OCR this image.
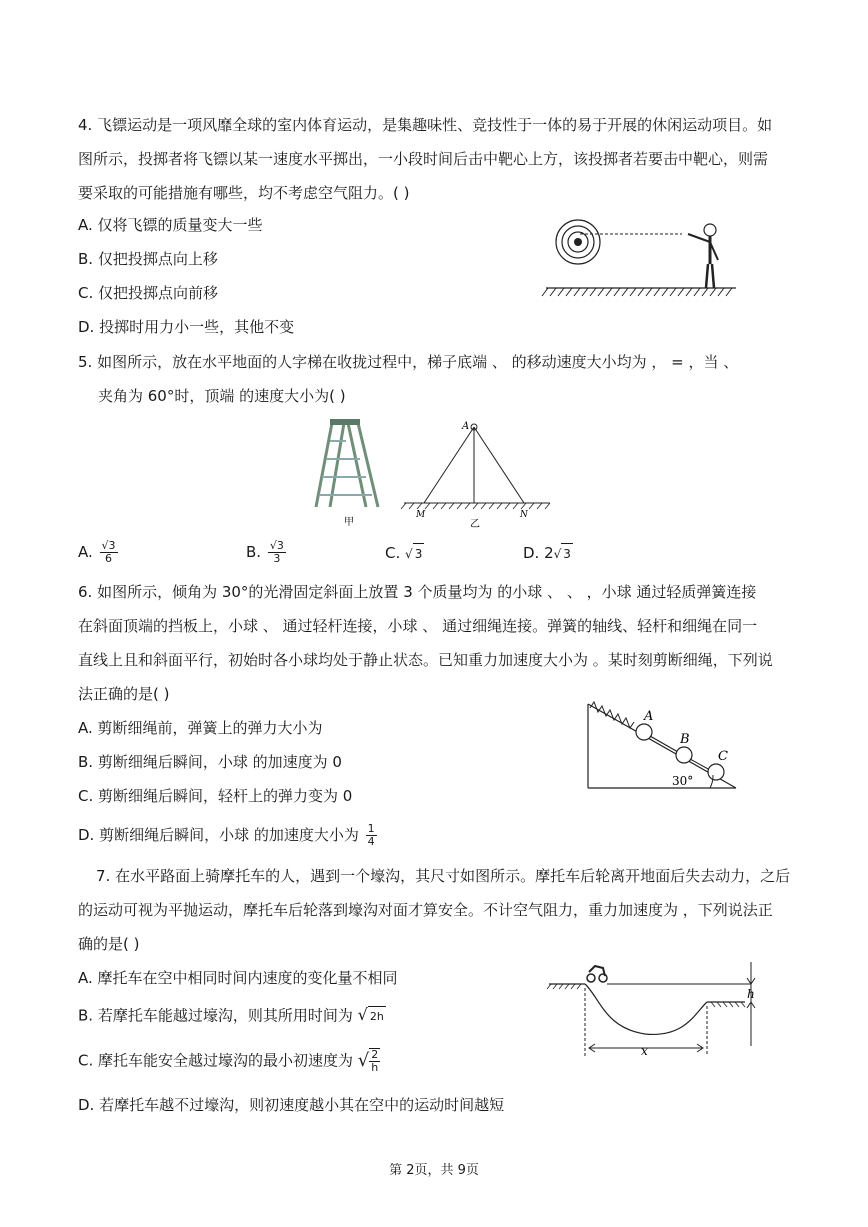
4. 飞镖运动是一项风靡全球的室内体育运动，是集趣味性、竞技性于一体的易于开展的休闲运动项目。如
图所示，投掷者将飞镖以某一速度水平掷出，一小段时间后击中靶心上方，该投掷者若要击中靶心，则需
要采取的可能措施有哪些，均不考虑空气阻力。( )
A. 仅将飞镖的质量变大一些
B. 仅把投掷点向上移
C. 仅把投掷点向前移
D. 投掷时用力小一些，其他不变
5. 如图所示，放在水平地面的人字梯在收拢过程中，梯子底端 、 的移动速度大小均为 ， = ，当 、
夹角为 60°时，顶端 的速度大小为( )
甲
A
M	N
乙
A. $\frac{√3}{6}$	B. $\frac{√3}{3}$	C. √ 3	D. 2√ 3
6. 如图所示，倾角为 30°的光滑固定斜面上放置 3 个质量均为 的小球 、 、 ，小球 通过轻质弹簧连接
在斜面顶端的挡板上，小球 、 通过轻杆连接，小球 、 通过细绳连接。弹簧的轴线、轻杆和细绳在同一
直线上且和斜面平行，初始时各小球均处于静止状态。已知重力加速度大小为 。某时刻剪断细绳，下列说
法正确的是( )
A. 剪断细绳前，弹簧上的弹力大小为
B. 剪断细绳后瞬间，小球 的加速度为 0
C. 剪断细绳后瞬间，轻杆上的弹力变为 0
D. 剪断细绳后瞬间，小球 的加速度大小为 $\frac{1}{4}$
A
B
C
30°
7. 在水平路面上骑摩托车的人，遇到一个壕沟，其尺寸如图所示。摩托车后轮离开地面后失去动力，之后
的运动可视为平抛运动，摩托车后轮落到壕沟对面才算安全。不计空气阻力，重力加速度为 ，下列说法正
确的是( )
A. 摩托车在空中相同时间内速度的变化量不相同
B. 若摩托车能越过壕沟，则其所用时间为 √ 2h
C. 摩托车能安全越过壕沟的最小初速度为 √ $\frac{2}{h}$
D. 若摩托车越不过壕沟，则初速度越小其在空中的运动时间越短
h
x
第 2页，共 9页
